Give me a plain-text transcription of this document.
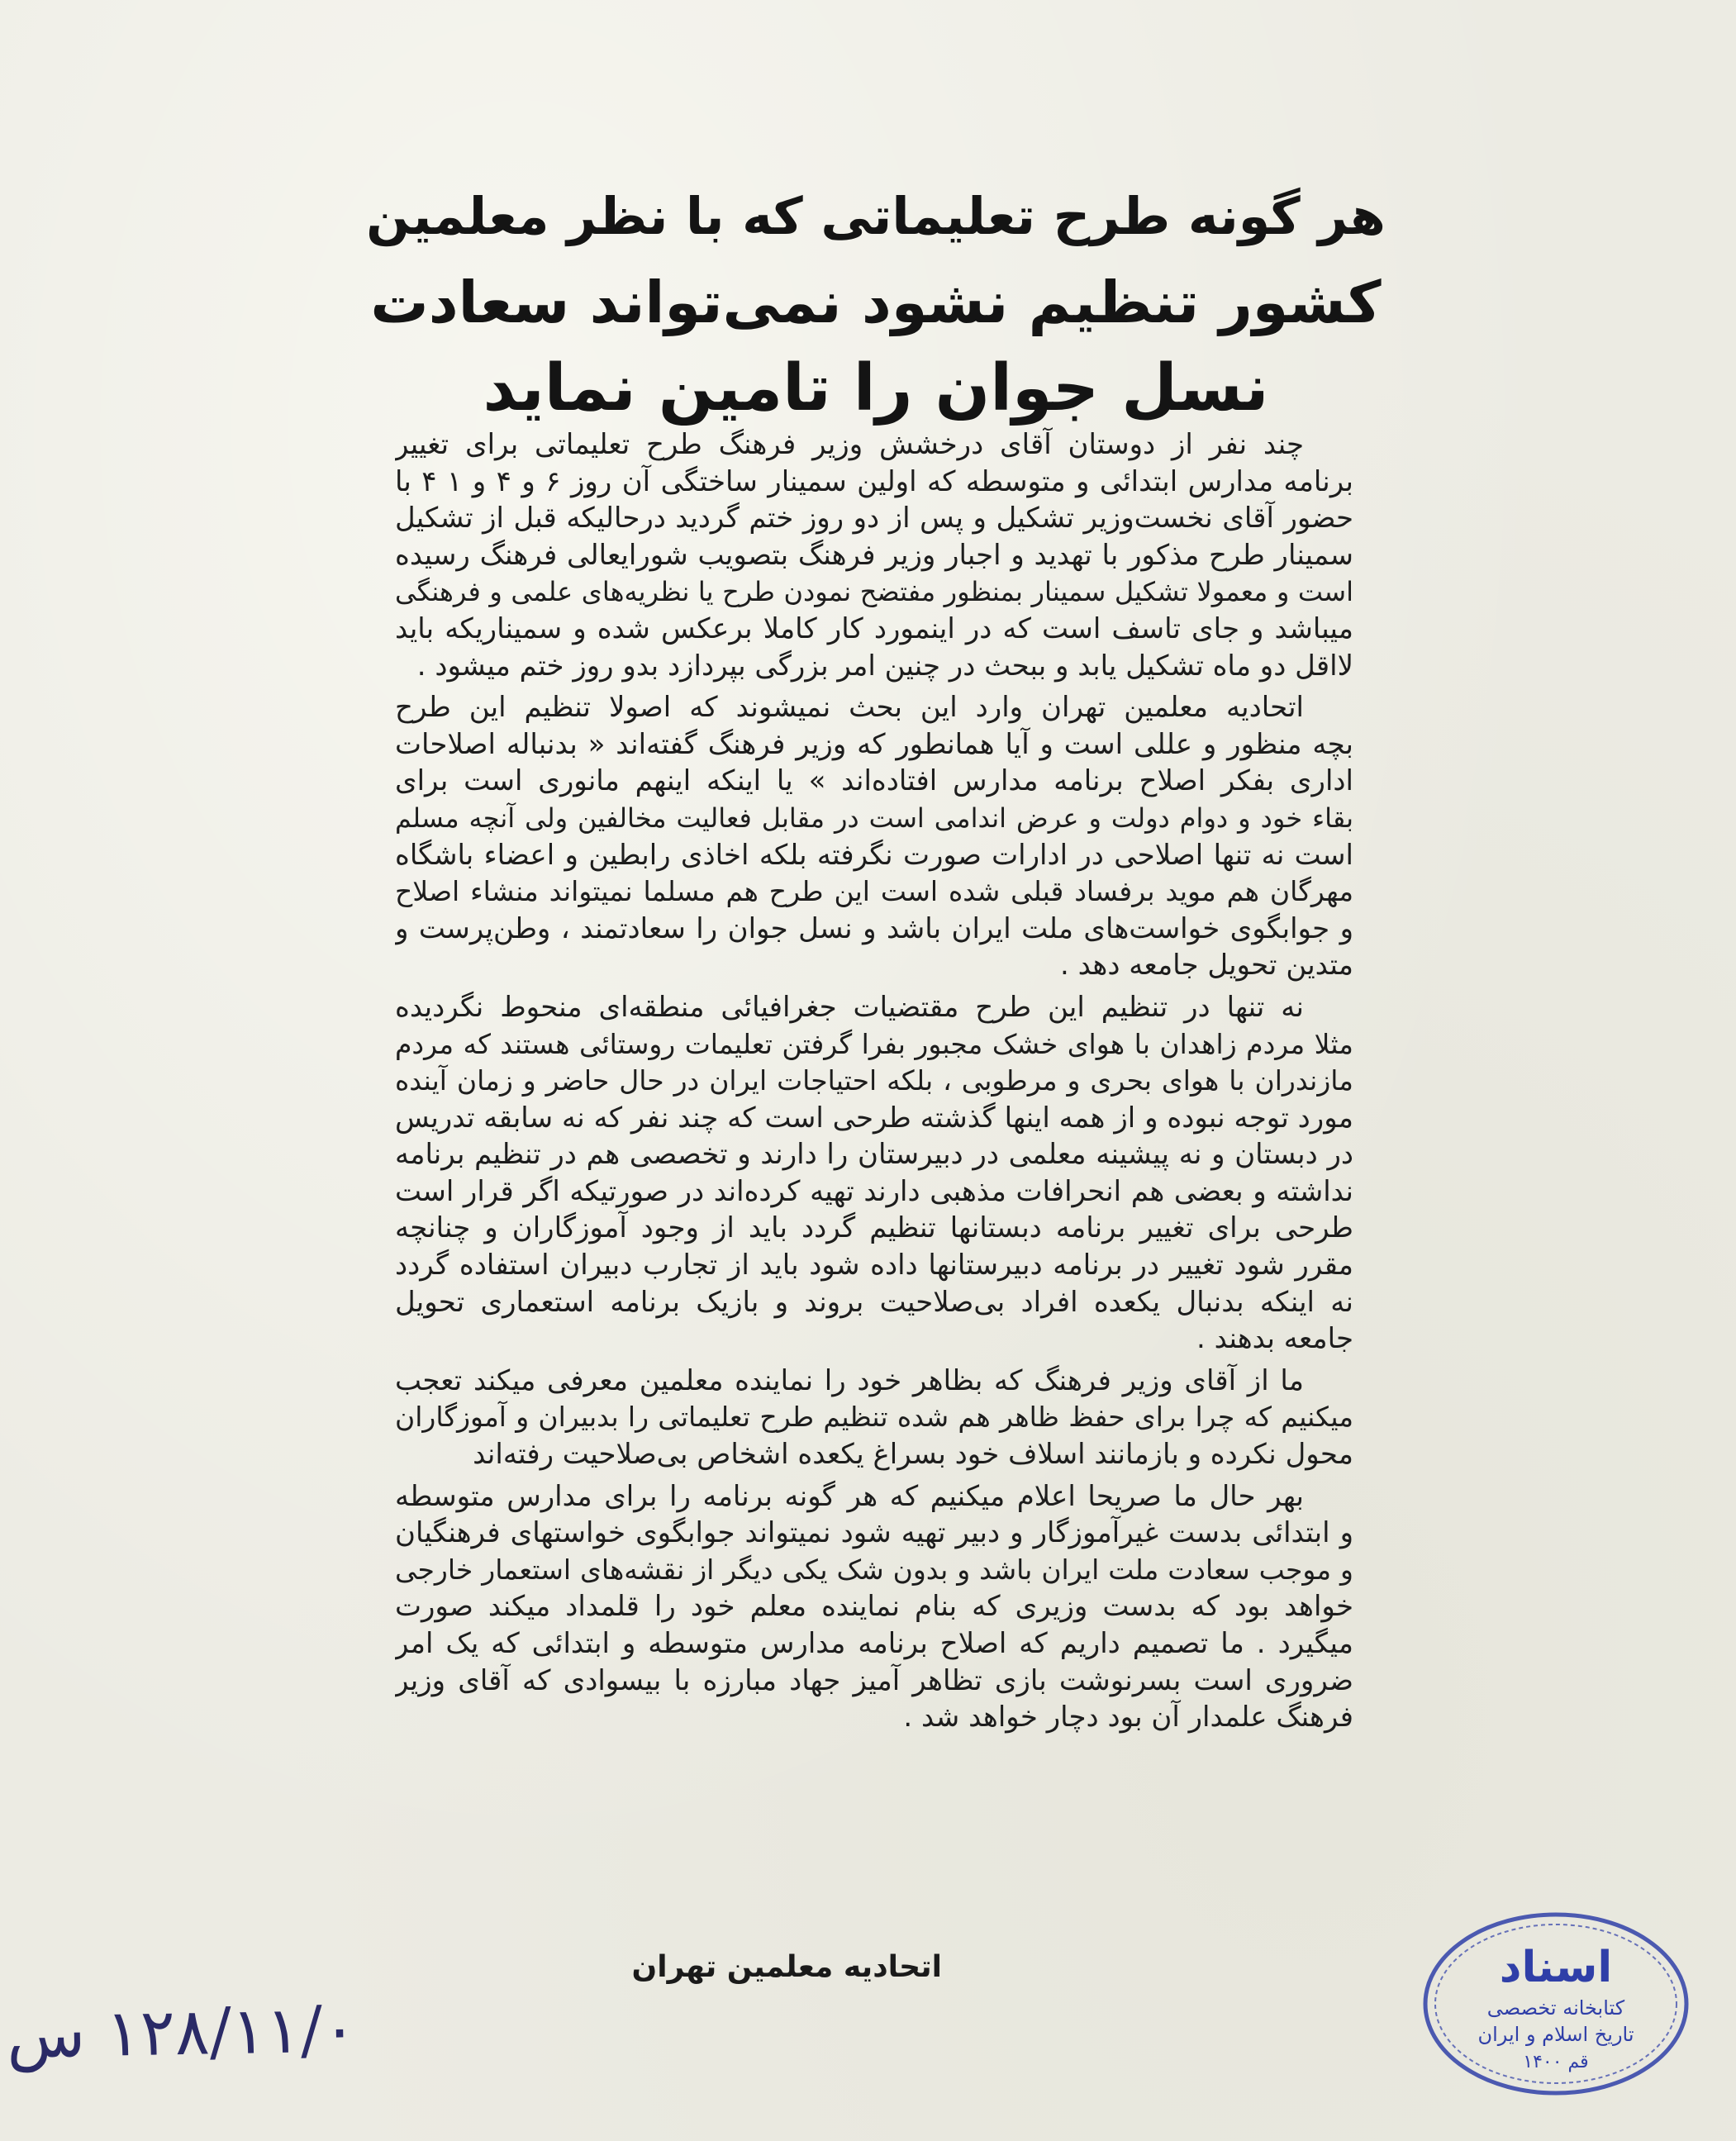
هر گونه طرح تعلیماتی که با نظر معلمین
کشور تنظیم نشود نمی‌تواند سعادت
نسل جوان را تامین نماید
چند نفر از دوستان آقای درخشش وزیر فرهنگ طرح تعلیماتی برای تغییر
برنامه مدارس ابتدائی و متوسطه که اولین سمینار ساختگی آن روز ۶ و ۴ و ۱ ۴ با
حضور آقای نخست‌وزیر تشکیل و پس از دو روز ختم گردید درحالیکه قبل از تشکیل
سمینار طرح مذکور با تهدید و اجبار وزیر فرهنگ بتصویب شورایعالی فرهنگ رسیده
است و معمولا تشکیل سمینار بمنظور مفتضح نمودن طرح یا نظریه‌های علمی و فرهنگی
میباشد و جای تاسف است که در اینمورد کار کاملا برعکس شده و سمیناریکه باید
لااقل دو ماه تشکیل یابد و ببحث در چنین امر بزرگی بپردازد بدو روز ختم میشود .
اتحادیه معلمین تهران وارد این بحث نمیشوند که اصولا تنظیم این طرح
بچه منظور و عللی است و آیا همانطور که وزیر فرهنگ گفته‌اند « بدنباله اصلاحات
اداری بفکر اصلاح برنامه مدارس افتاده‌اند » یا اینکه اینهم مانوری است برای
بقاء خود و دوام دولت و عرض اندامی است در مقابل فعالیت مخالفین ولی آنچه مسلم
است نه تنها اصلاحی در ادارات صورت نگرفته بلکه اخاذی رابطین و اعضاء باشگاه
مهرگان هم موید برفساد قبلی شده است این طرح هم مسلما نمیتواند منشاء اصلاح
و جوابگوی خواست‌های ملت ایران باشد و نسل جوان را سعادتمند ، وطن‌پرست و
متدین تحویل جامعه دهد .
نه تنها در تنظیم این طرح مقتضیات جغرافیائی منطقه‌ای منحوط نگردیده
مثلا مردم زاهدان با هوای خشک مجبور بفرا گرفتن تعلیمات روستائی هستند که مردم
مازندران با هوای بحری و مرطوبی ، بلکه احتیاجات ایران در حال حاضر و زمان آینده
مورد توجه نبوده و از همه اینها گذشته طرحی است که چند نفر که نه سابقه تدریس
در دبستان و نه پیشینه معلمی در دبیرستان را دارند و تخصصی هم در تنظیم برنامه
نداشته و بعضی هم انحرافات مذهبی دارند تهیه کرده‌اند در صورتیکه اگر قرار است
طرحی برای تغییر برنامه دبستانها تنظیم گردد باید از وجود آموزگاران و چنانچه
مقرر شود تغییر در برنامه دبیرستانها داده شود باید از تجارب دبیران استفاده گردد
نه اینکه بدنبال یکعده افراد بی‌صلاحیت بروند و بازیک برنامه استعماری تحویل
جامعه بدهند .
ما از آقای وزیر فرهنگ که بظاهر خود را نماینده معلمین معرفی میکند تعجب
میکنیم که چرا برای حفظ ظاهر هم شده تنظیم طرح تعلیماتی را بدبیران و آموزگاران
محول نکرده و بازمانند اسلاف خود بسراغ یکعده اشخاص بی‌صلاحیت رفته‌اند
بهر حال ما صریحا اعلام میکنیم که هر گونه برنامه را برای مدارس متوسطه
و ابتدائی بدست غیرآموزگار و دبیر تهیه شود نمیتواند جوابگوی خواستهای فرهنگیان
و موجب سعادت ملت ایران باشد و بدون شک یکی دیگر از نقشه‌های استعمار خارجی
خواهد بود که بدست وزیری که بنام نماینده معلم خود را قلمداد میکند صورت
میگیرد . ما تصمیم داریم که اصلاح برنامه مدارس متوسطه و ابتدائی که یک امر
ضروری است بسرنوشت بازی تظاهر آمیز جهاد مبارزه با بیسوادی که آقای وزیر
فرهنگ علمدار آن بود دچار خواهد شد .
اتحادیه معلمین تهران
۱۲۸/۱۱/۰ س
اسناد
کتابخانه تخصصی
تاریخ اسلام و ایران
قم ۱۴۰۰
